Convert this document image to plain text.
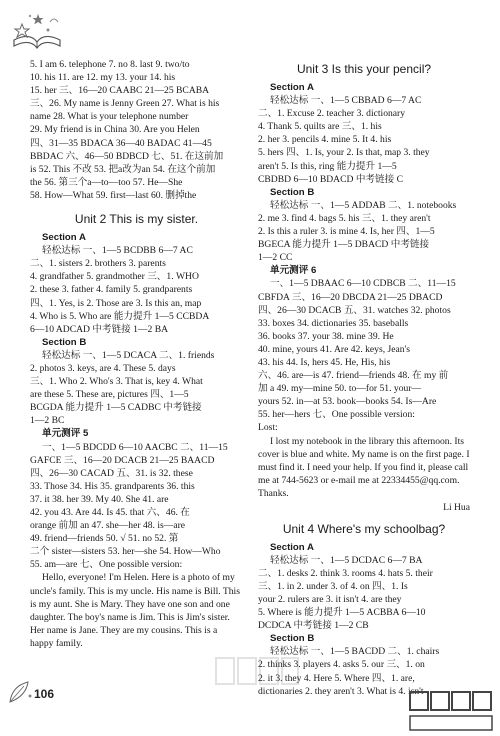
5. I am 6. telephone 7. no 8. last 9. two/to
10. his 11. are 12. my 13. your 14. his
15. her 三、16—20 CAABC 21—25 BCABA
三、26. My name is Jenny Green 27. What is his
name 28. What is your telephone number
29. My friend is in China 30. Are you Helen
四、31—35 BDACA 36—40 BADAC 41—45
BBDAC 六、46—50 BDBCD 七、51. 在这前加
is 52. This 不改 53. 把a改为an 54. 在这个前加
the 56. 第三个a—to—too 57. He—She
58. How—What 59. first—last 60. 删掉the
Unit 2 This is my sister.
Section A
轻松达标 一、1—5 BCDBB 6—7 AC
二、1. sisters 2. brothers 3. parents
4. grandfather 5. grandmother 三、1. WHO
2. these 3. father 4. family 5. grandparents
四、1. Yes, is 2. Those are 3. Is this an, map
4. Who is 5. Who are 能力提升 1—5 CCBDA
6—10 ADCAD 中考链接 1—2 BA
Section B
轻松达标 一、1—5 DCACA 二、1. friends
2. photos 3. keys, are 4. These 5. days
三、1. Who 2. Who's 3. That is, key 4. What
are these 5. These are, pictures 四、1—5
BCGDA 能力提升 1—5 CADBC 中考链接
1—2 BC
单元测评 5
一、1—5 BDCDD 6—10 AACBC 二、11—15
GAFCE 三、16—20 DCACB 21—25 BAACD
四、26—30 CACAD 五、31. is 32. these
33. Those 34. His 35. grandparents 36. this
37. it 38. her 39. My 40. She 41. are
42. you 43. Are 44. Is 45. that 六、46. 在
orange 前加 an 47. she—her 48. is—are
49. friend—friends 50. √ 51. no 52. 第
二个 sister—sisters 53. her—she 54. How—Who
55. am—are 七、One possible version:
Hello, everyone! I'm Helen. Here is a photo of my uncle's family. This is my uncle. His name is Bill. This is my aunt. She is Mary. They have one son and one daughter. The boy's name is Jim. This is Jim's sister. Her name is Jane. They are my cousins. This is a happy family.
Unit 3 Is this your pencil?
Section A
轻松达标 一、1—5 CBBAD 6—7 AC
二、1. Excuse 2. teacher 3. dictionary
4. Thank 5. quilts are 三、1. his
2. her 3. pencils 4. mine 5. It 4. his
5. hers 四、1. Is, your 2. Is that, map 3. they
aren't 5. Is this, ring 能力提升 1—5
CBDBD 6—10 BDACD 中考链接 C
Section B
轻松达标 一、1—5 ADDAB 二、1. notebooks
2. me 3. find 4. bags 5. his 三、1. they aren't
2. Is this a ruler 3. is mine 4. Is, her 四、1—5
BGECA 能力提升 1—5 DBACD 中考链接
1—2 CC
单元测评 6
一、1—5 DBAAC 6—10 CDBCB 二、11—15
CBFDA 三、16—20 DBCDA 21—25 DBACD
四、26—30 DCACB 五、31. watches 32. photos
33. boxes 34. dictionaries 35. baseballs
36. books 37. your 38. mine 39. He
40. mine, yours 41. Are 42. keys, Jean's
43. his 44. Is, hers 45. He, His, his
六、46. are—is 47. friend—friends 48. 在 my 前
加 a 49. my—mine 50. to—for 51. your—
yours 52. in—at 53. book—books 54. Is—Are
55. her—hers 七、One possible version:
Lost:
I lost my notebook in the library this afternoon. Its cover is blue and white. My name is on the first page. I must find it. I need your help. If you find it, please call me at 744-5623 or e-mail me at 22334455@qq.com. Thanks.
Li Hua
Unit 4 Where's my schoolbag?
Section A
轻松达标 一、1—5 DCDAC 6—7 BA
二、1. desks 2. think 3. rooms 4. hats 5. their
三、1. in 2. under 3. of 4. on 四、1. Is
your 2. rulers are 3. it isn't 4. are they
5. Where is 能力提升 1—5 ACBBA 6—10
DCDCA 中考链接 1—2 CB
Section B
轻松达标 一、1—5 BACDD 二、1. chairs
2. thinks 3. players 4. asks 5. our 三、1. on
2. it 3. they 4. Here 5. Where 四、1. are,
dictionaries 2. they aren't 3. What is 4. isn't
106
